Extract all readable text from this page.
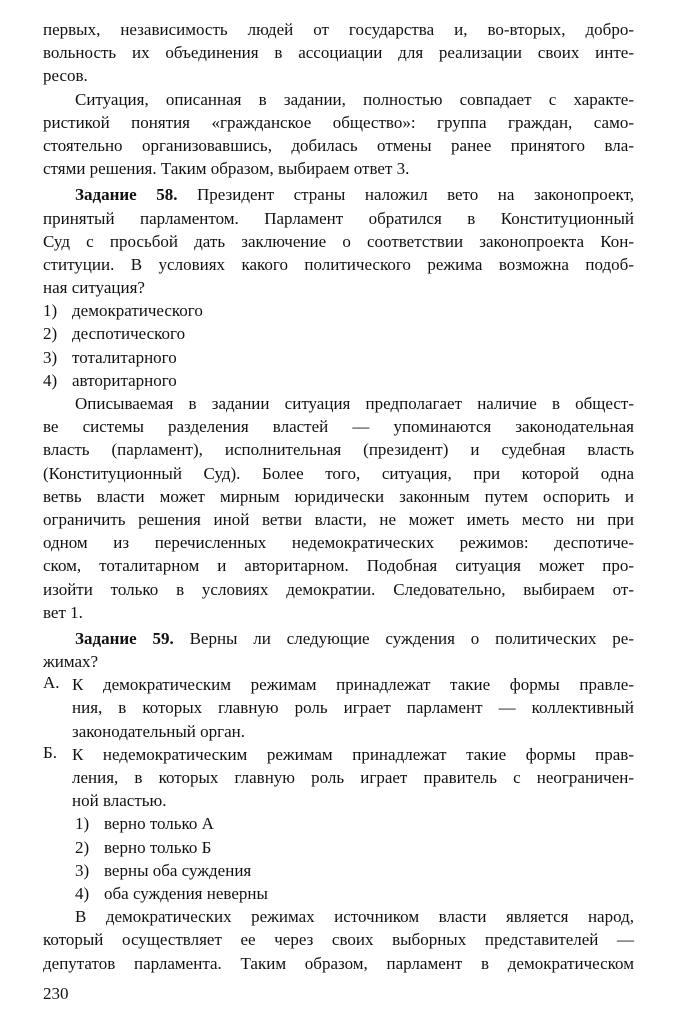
первых, независимость людей от государства и, во-вторых, добро-
вольность их объединения в ассоциации для реализации своих инте-
ресов.
Ситуация, описанная в задании, полностью совпадает с характе-
ристикой понятия «гражданское общество»: группа граждан, само-
стоятельно организовавшись, добилась отмены ранее принятого вла-
стями решения. Таким образом, выбираем ответ 3.
Задание 58. Президент страны наложил вето на законопроект,
принятый парламентом. Парламент обратился в Конституционный
Суд с просьбой дать заключение о соответствии законопроекта Кон-
ституции. В условиях какого политического режима возможна подоб-
ная ситуация?
1) демократического
2) деспотического
3) тоталитарного
4) авторитарного
Описываемая в задании ситуация предполагает наличие в общест-
ве системы разделения властей — упоминаются законодательная
власть (парламент), исполнительная (президент) и судебная власть
(Конституционный Суд). Более того, ситуация, при которой одна
ветвь власти может мирным юридически законным путем оспорить и
ограничить решения иной ветви власти, не может иметь место ни при
одном из перечисленных недемократических режимов: деспотиче-
ском, тоталитарном и авторитарном. Подобная ситуация может про-
изойти только в условиях демократии. Следовательно, выбираем от-
вет 1.
Задание 59. Верны ли следующие суждения о политических ре-
жимах?
А. К демократическим режимам принадлежат такие формы правле-
ния, в которых главную роль играет парламент — коллективный
законодательный орган.
Б. К недемократическим режимам принадлежат такие формы прав-
ления, в которых главную роль играет правитель с неограничен-
ной властью.
1) верно только А
2) верно только Б
3) верны оба суждения
4) оба суждения неверны
В демократических режимах источником власти является народ,
который осуществляет ее через своих выборных представителей —
депутатов парламента. Таким образом, парламент в демократическом
230
